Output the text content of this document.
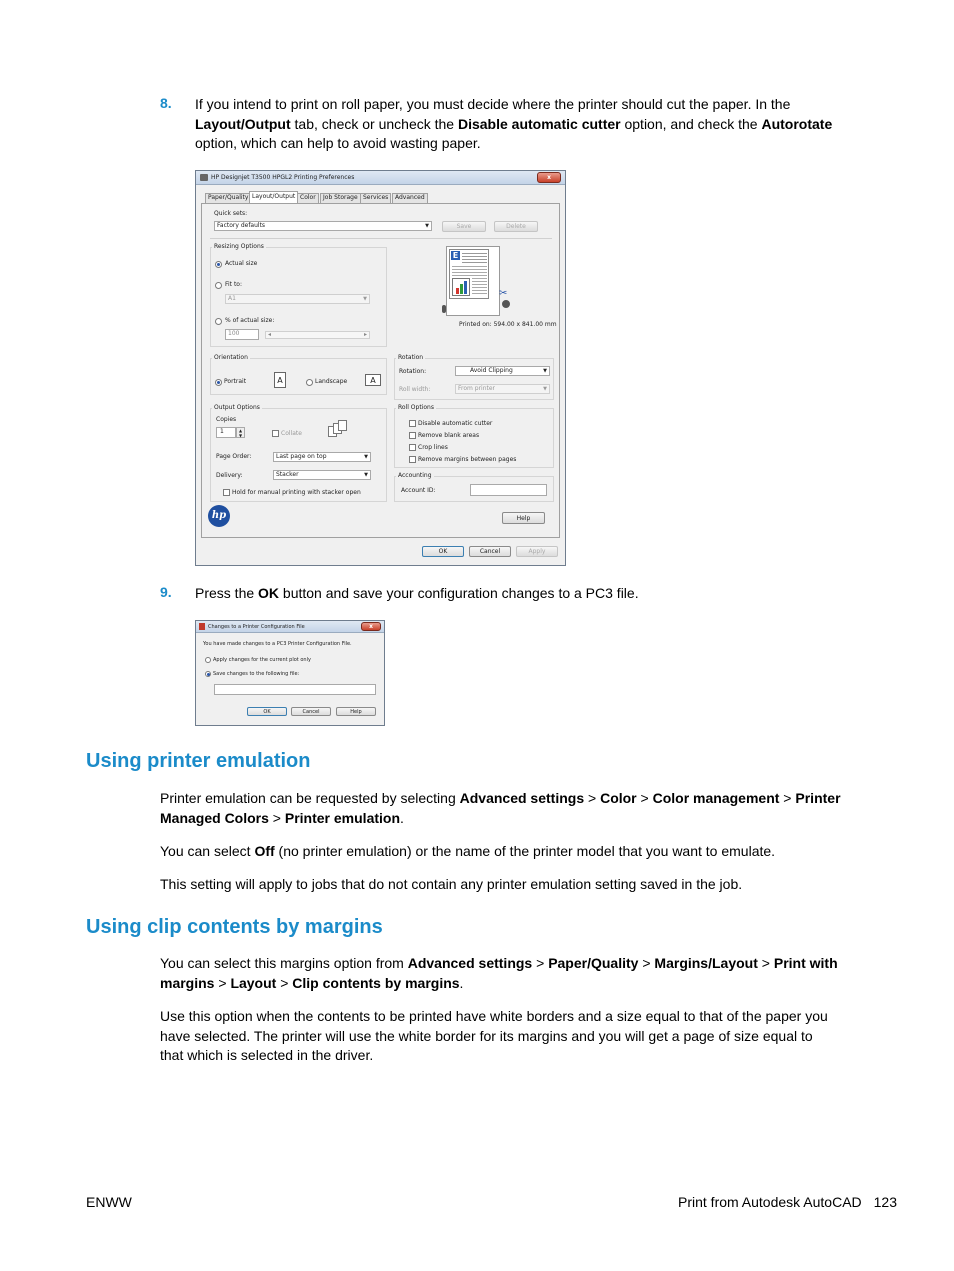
8. If you intend to print on roll paper, you must decide where the printer should cut the paper. In the
Layout/Output tab, check or uncheck the Disable automatic cutter option, and check the Autorotate
option, which can help to avoid wasting paper.
HP Designjet T3500 HPGL2 Printing Preferences	x
Paper/Quality Layout/Output Color	Job Storage Services	Advanced
Quick sets:
Factory defaults	▼	Save	Delete
Resizing Options
Actual size
Fit to:
A1	▼
% of actual size:
100	◂	▸
E
✂
Printed on: 594.00 x 841.00 mm
Orientation
Portrait	A	Landscape	A
Rotation
Rotation:	Avoid Clipping	▼
Roll width:	From printer	▼
Output Options
Copies
1	▲
▼	Collate
Page Order:	Last page on top	▼
Delivery:	Stacker	▼
Hold for manual printing with stacker open
Roll Options
Disable automatic cutter
Remove blank areas
Crop lines
Remove margins between pages
Accounting
Account ID:
hp	Help
OK	Cancel	Apply
9. Press the OK button and save your configuration changes to a PC3 file.
Changes to a Printer Configuration File	x
You have made changes to a PC3 Printer Configuration File.
Apply changes for the current plot only
Save changes to the following file:
OK	Cancel	Help
Using printer emulation
Printer emulation can be requested by selecting Advanced settings > Color > Color management > Printer
Managed Colors > Printer emulation.
You can select Off (no printer emulation) or the name of the printer model that you want to emulate.
This setting will apply to jobs that do not contain any printer emulation setting saved in the job.
Using clip contents by margins
You can select this margins option from Advanced settings > Paper/Quality > Margins/Layout > Print with
margins > Layout > Clip contents by margins.
Use this option when the contents to be printed have white borders and a size equal to that of the paper you
have selected. The printer will use the white border for its margins and you will get a page of size equal to
that which is selected in the driver.
ENWW	Print from Autodesk AutoCAD 123
